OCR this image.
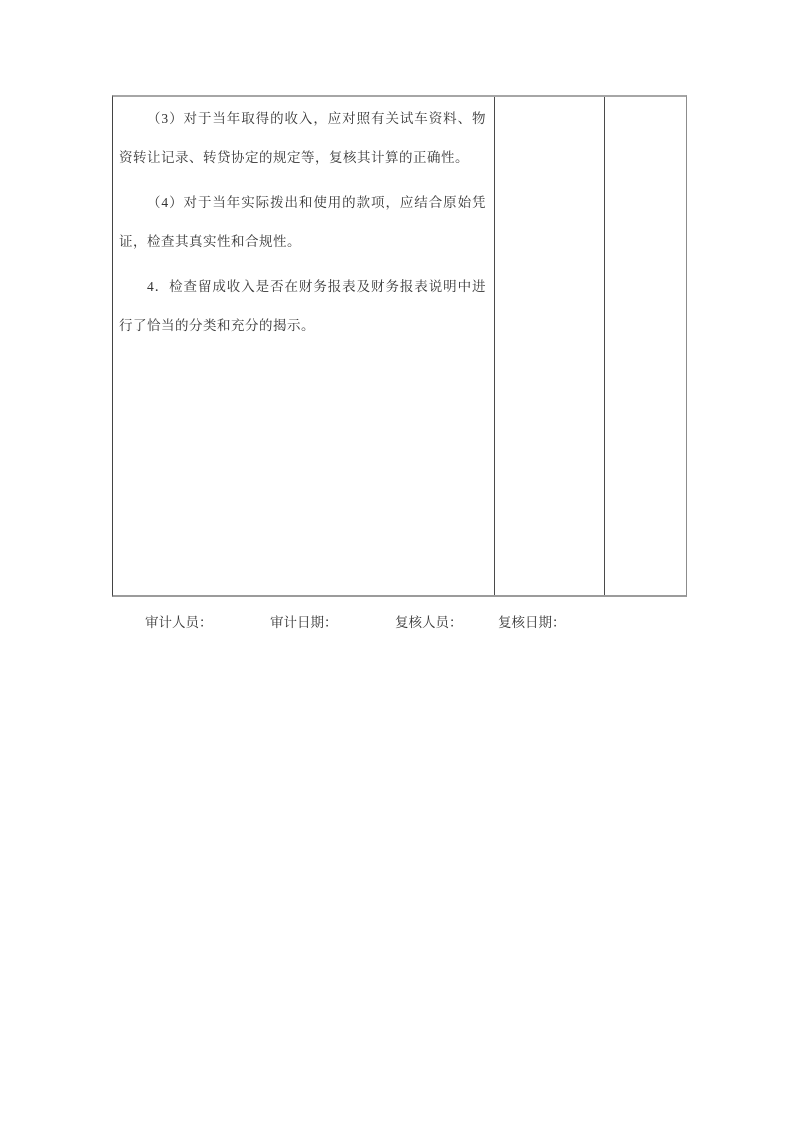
（3）对于当年取得的收入，应对照有关试车资料、物资转让记录、转贷协定的规定等，复核其计算的正确性。

（4）对于当年实际拨出和使用的款项，应结合原始凭证，检查其真实性和合规性。

4．检查留成收入是否在财务报表及财务报表说明中进行了恰当的分类和充分的揭示。

审计人员：	审计日期：	复核人员：	复核日期：
